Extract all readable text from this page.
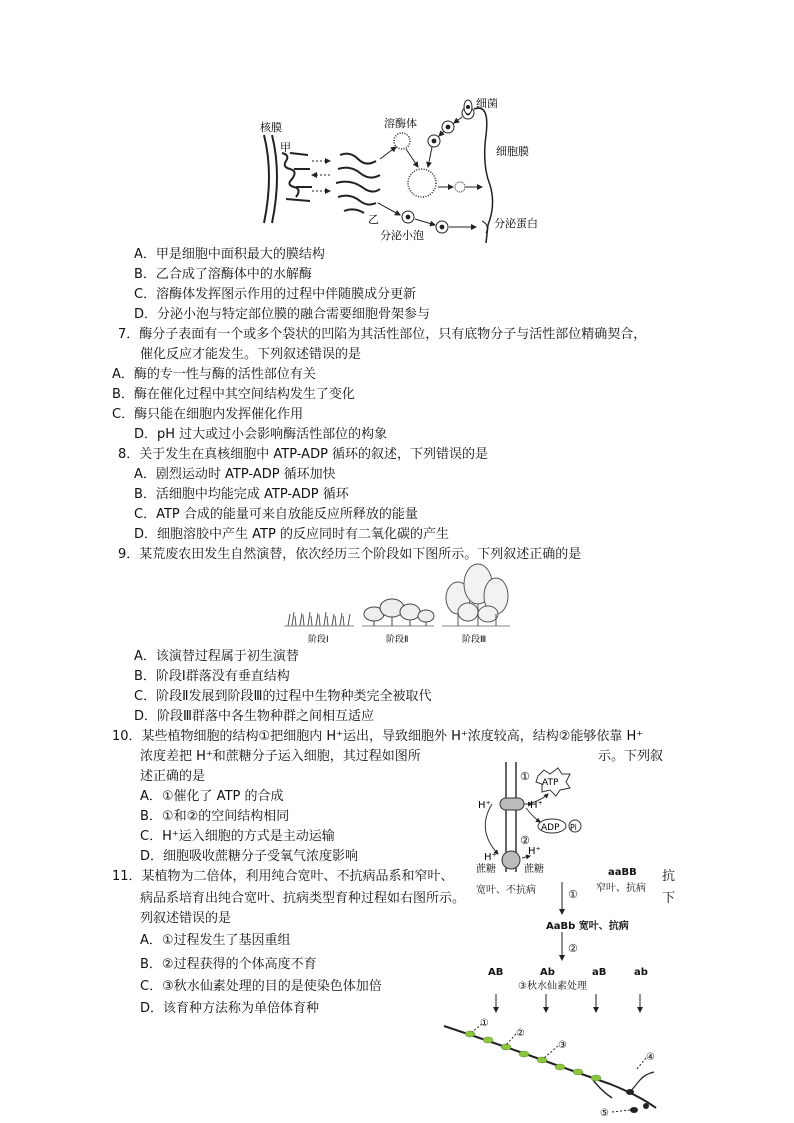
核膜
甲
乙
溶酶体
细菌
细胞膜
分泌小泡
分泌蛋白
A．甲是细胞中面积最大的膜结构
B．乙合成了溶酶体中的水解酶
C．溶酶体发挥图示作用的过程中伴随膜成分更新
D．分泌小泡与特定部位膜的融合需要细胞骨架参与
7．酶分子表面有一个或多个袋状的凹陷为其活性部位，只有底物分子与活性部位精确契合，
催化反应才能发生。下列叙述错误的是
A．酶的专一性与酶的活性部位有关
B．酶在催化过程中其空间结构发生了变化
C．酶只能在细胞内发挥催化作用
D．pH 过大或过小会影响酶活性部位的构象
8．关于发生在真核细胞中 ATP-ADP 循环的叙述，下列错误的是
A．剧烈运动时 ATP-ADP 循环加快
B．活细胞中均能完成 ATP-ADP 循环
C．ATP 合成的能量可来自放能反应所释放的能量
D．细胞溶胶中产生 ATP 的反应同时有二氧化碳的产生
9．某荒废农田发生自然演替，依次经历三个阶段如下图所示。下列叙述正确的是
阶段Ⅰ	阶段Ⅱ	阶段Ⅲ
A．该演替过程属于初生演替
B．阶段Ⅰ群落没有垂直结构
C．阶段Ⅱ发展到阶段Ⅲ的过程中生物种类完全被取代
D．阶段Ⅲ群落中各生物种群之间相互适应
10．某些植物细胞的结构①把细胞内 H⁺运出，导致细胞外 H⁺浓度较高，结构②能够依靠 H⁺
浓度差把 H⁺和蔗糖分子运入细胞，其过程如图所	示。下列叙
述正确的是
A．①催化了 ATP 的合成
B．①和②的空间结构相同
C．H⁺运入细胞的方式是主动运输
D．细胞吸收蔗糖分子受氧气浓度影响
①
②
ATP
ADP Pi
H⁺	H⁺
H⁺
H⁺
蔗糖	蔗糖
11．某植物为二倍体，利用纯合宽叶、不抗病品系和窄叶、
病品系培育出纯合宽叶、抗病类型育种过程如右图所示。
列叙述错误的是
抗
下
A．①过程发生了基因重组
B．②过程获得的个体高度不育
C．③秋水仙素处理的目的是使染色体加倍
D．该育种方法称为单倍体育种
宽叶、不抗病
aaBB
窄叶、抗病
①
AaBb 宽叶、抗病
②
AB	Ab	aB	ab
③秋水仙素处理
①
②
③
④
⑤
